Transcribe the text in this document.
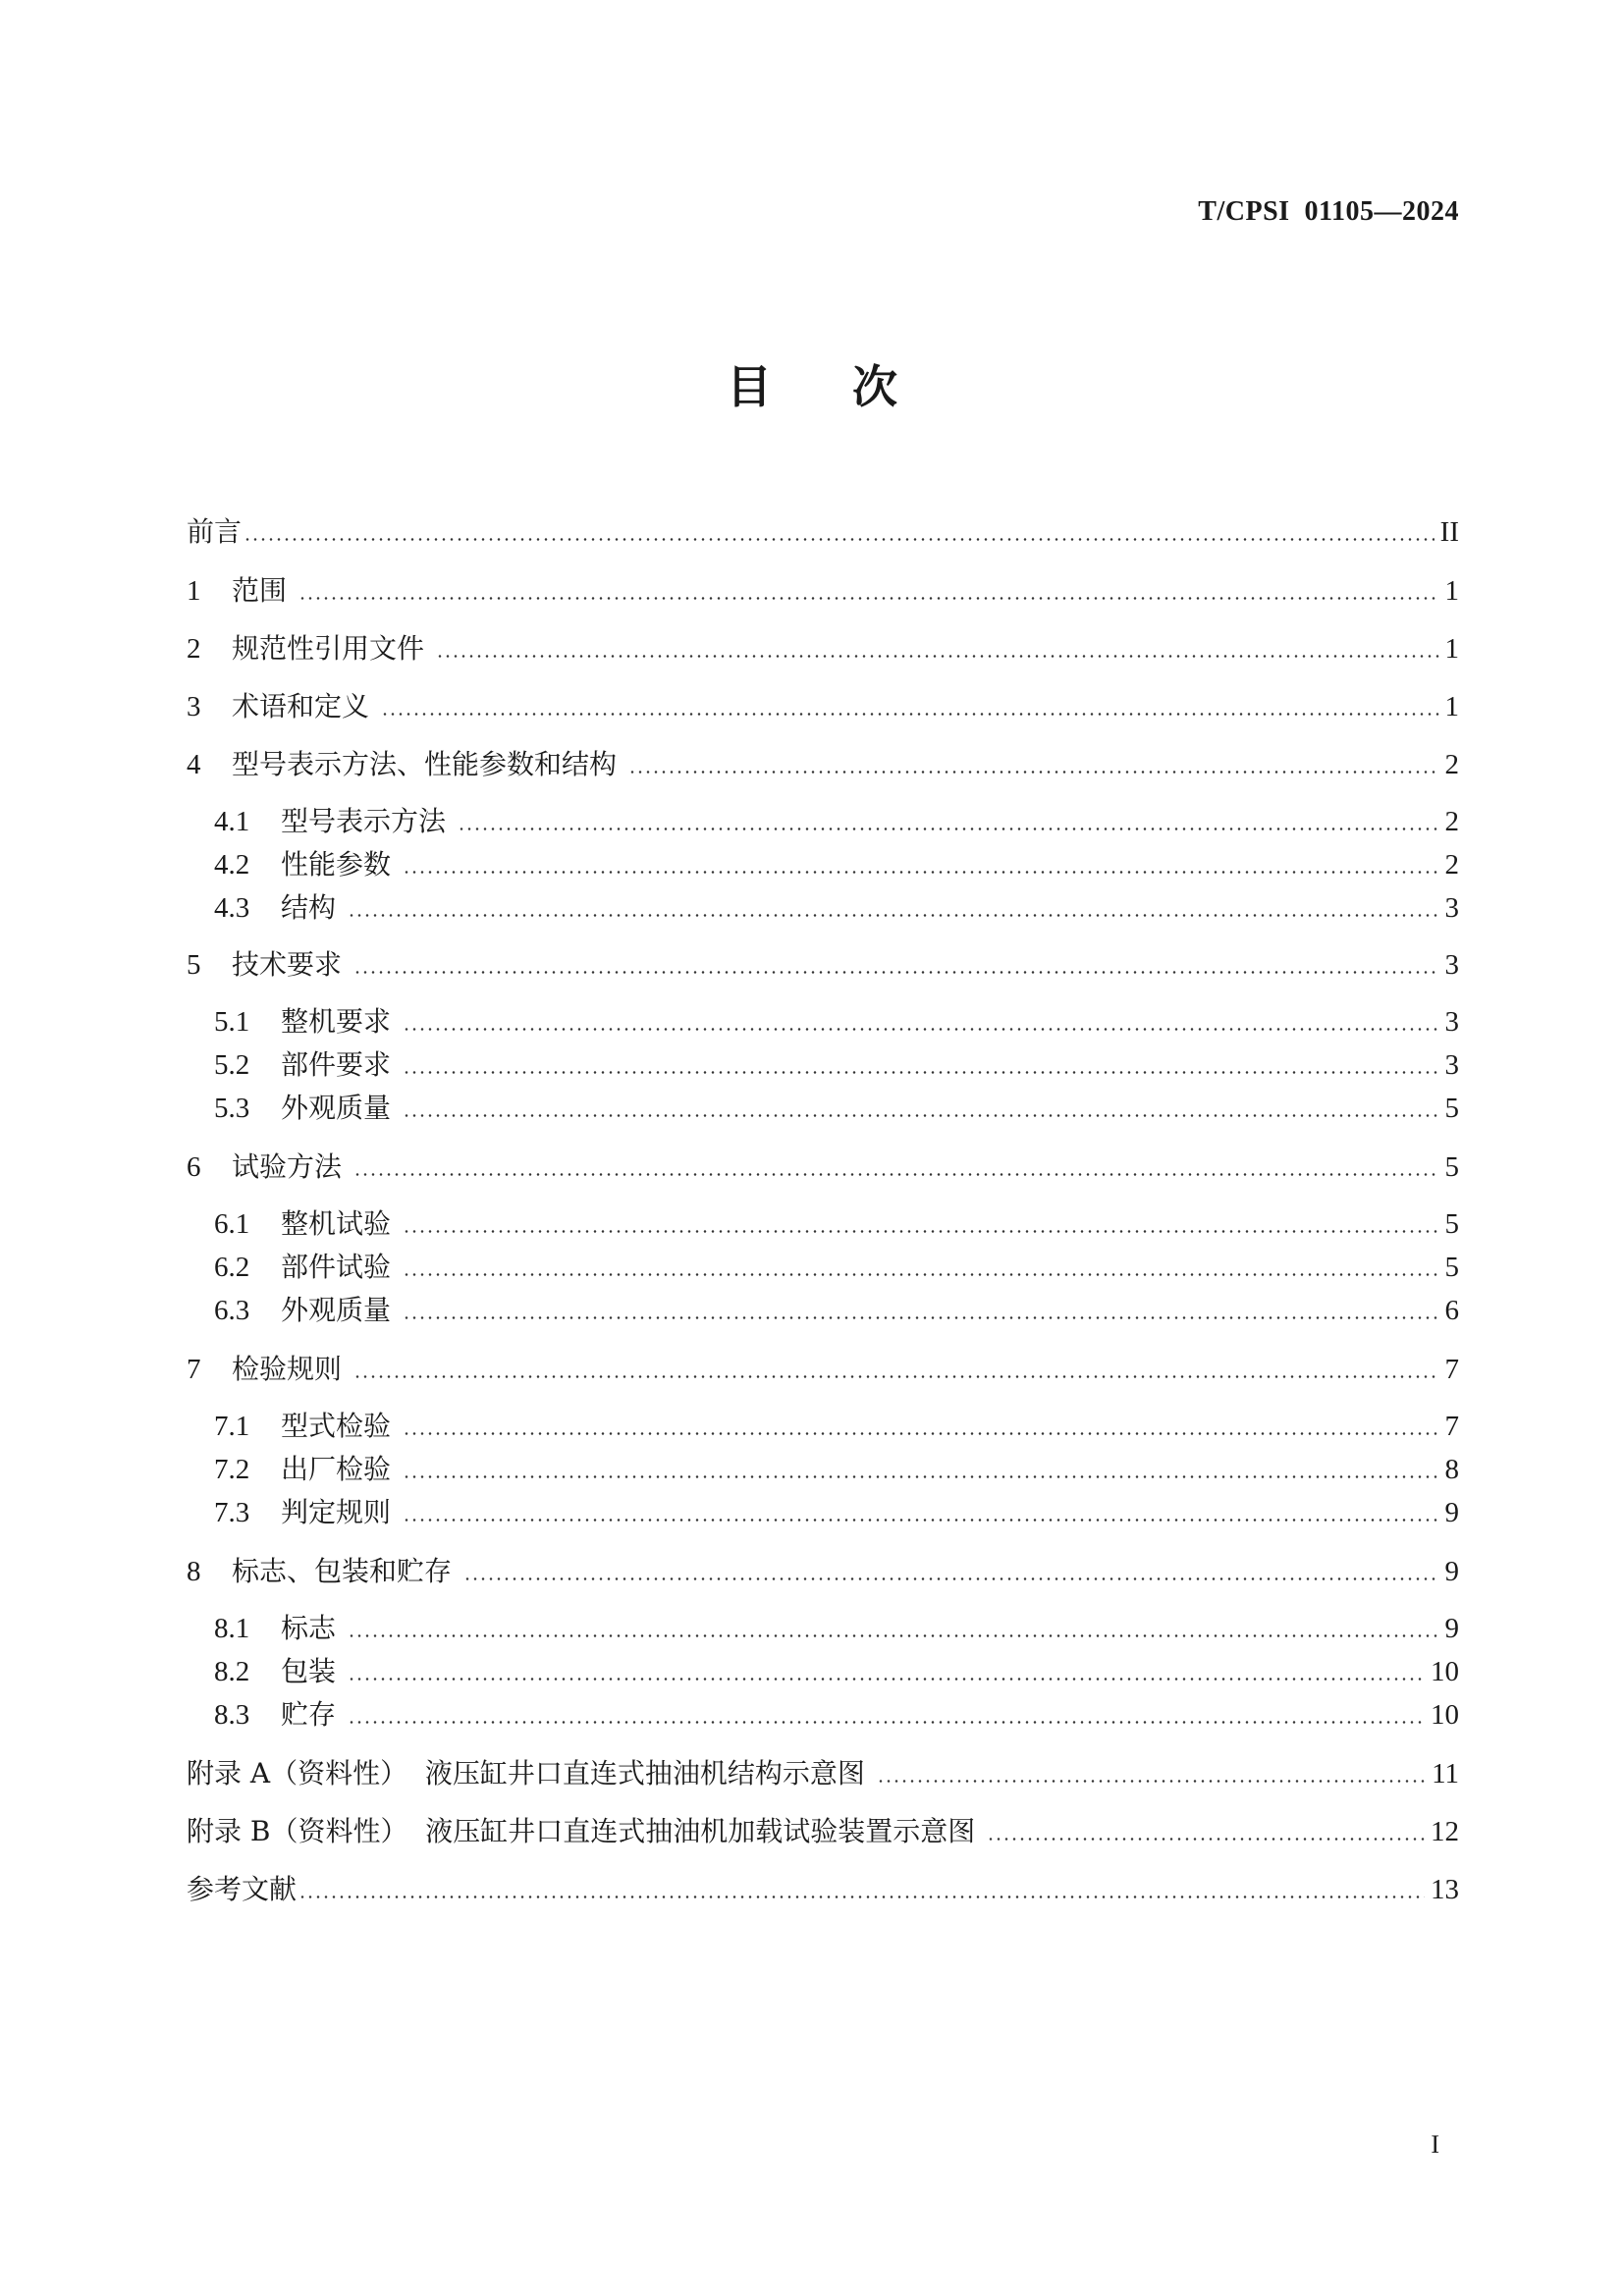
T/CPSI  01105—2024
目次
前言	II
1	范围	1
2	规范性引用文件	1
3	术语和定义	1
4	型号表示方法、性能参数和结构	2
4.1	型号表示方法	2
4.2	性能参数	2
4.3	结构	3
5	技术要求	3
5.1	整机要求	3
5.2	部件要求	3
5.3	外观质量	5
6	试验方法	5
6.1	整机试验	5
6.2	部件试验	5
6.3	外观质量	6
7	检验规则	7
7.1	型式检验	7
7.2	出厂检验	8
7.3	判定规则	9
8	标志、包装和贮存	9
8.1	标志	9
8.2	包装	10
8.3	贮存	10
附录 A（资料性）  液压缸井口直连式抽油机结构示意图	11
附录 B（资料性）  液压缸井口直连式抽油机加载试验装置示意图	12
参考文献	13
I
